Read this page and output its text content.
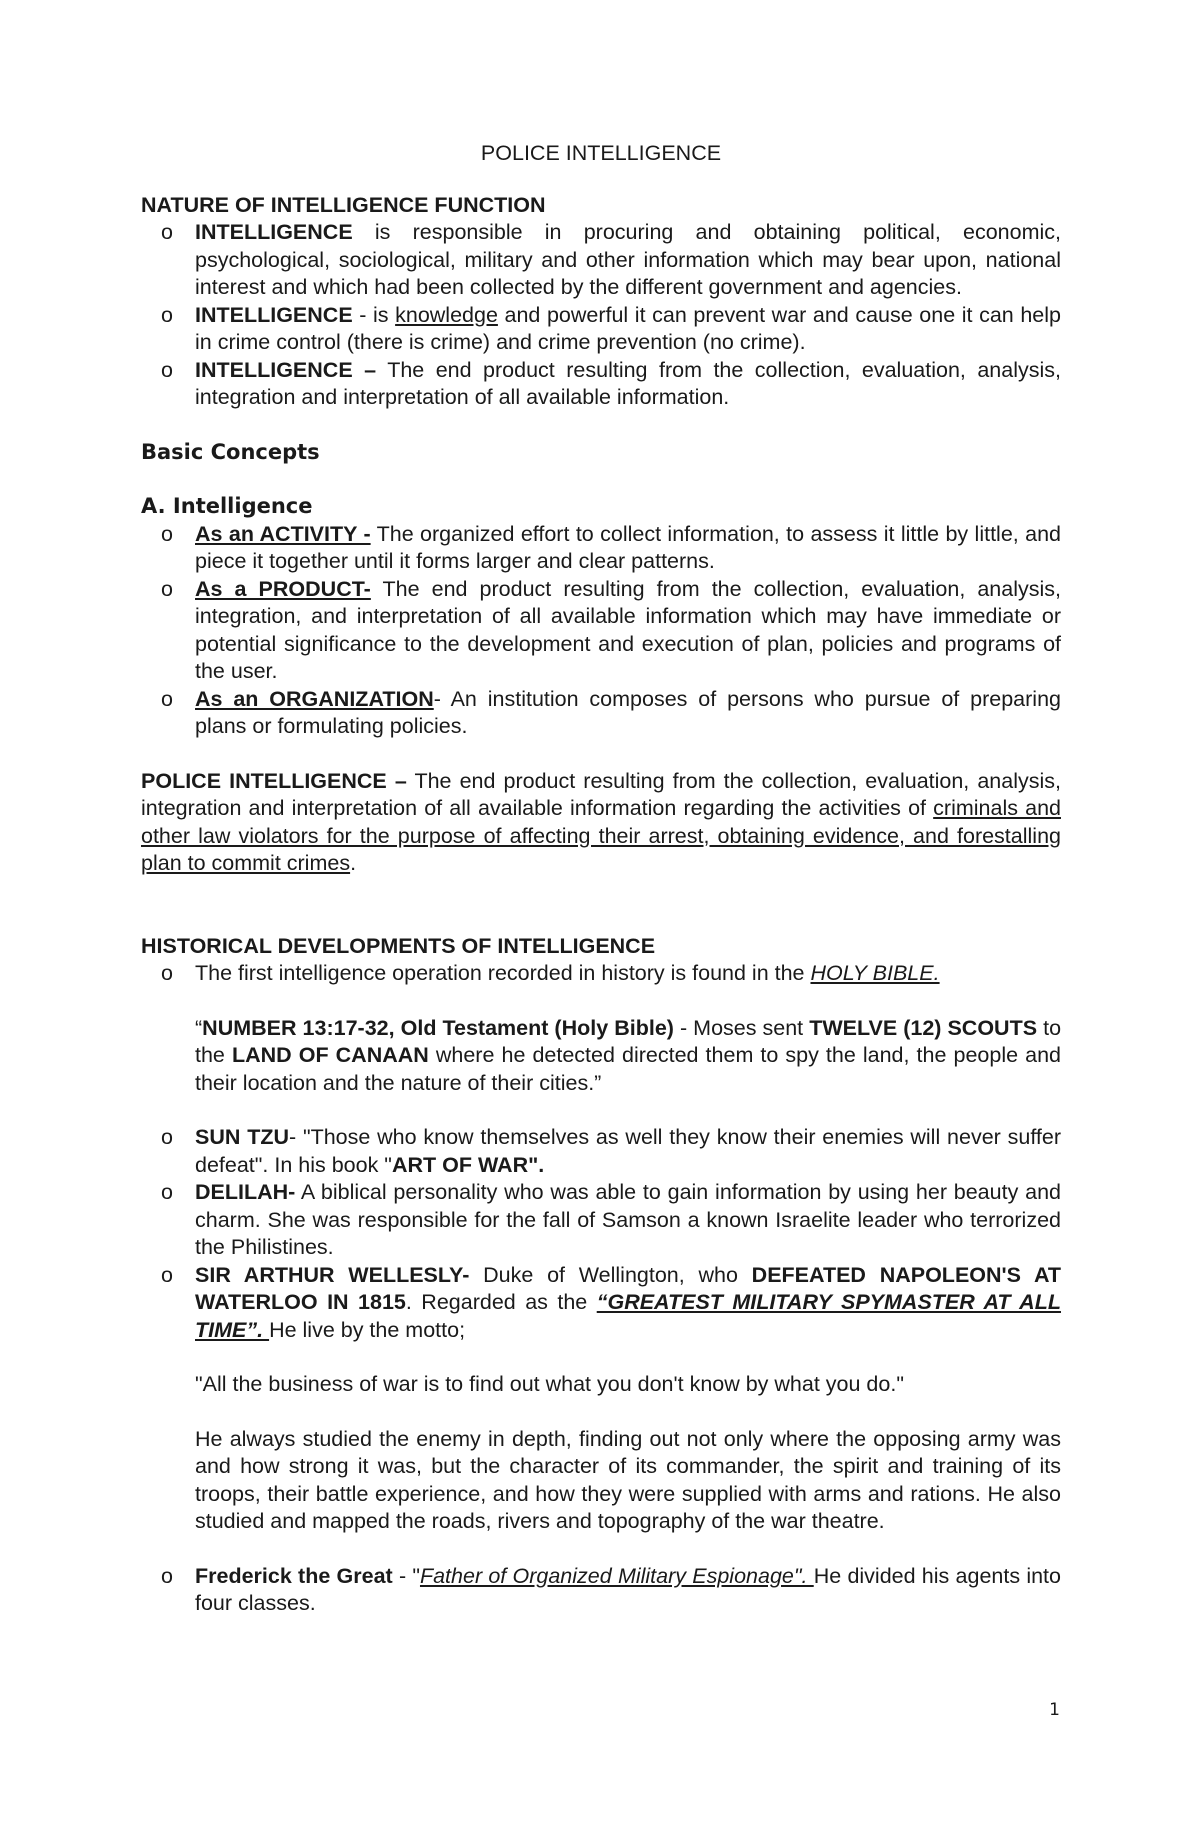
POLICE INTELLIGENCE

NATURE OF INTELLIGENCE FUNCTION

o INTELLIGENCE is responsible in procuring and obtaining political, economic, psychological, sociological, military and other information which may bear upon, national interest and which had been collected by the different government and agencies.
o INTELLIGENCE - is knowledge and powerful it can prevent war and cause one it can help in crime control (there is crime) and crime prevention (no crime).
o INTELLIGENCE – The end product resulting from the collection, evaluation, analysis, integration and interpretation of all available information.

Basic Concepts

A. Intelligence

o As an ACTIVITY - The organized effort to collect information, to assess it little by little, and piece it together until it forms larger and clear patterns.
o As a PRODUCT- The end product resulting from the collection, evaluation, analysis, integration, and interpretation of all available information which may have immediate or potential significance to the development and execution of plan, policies and programs of the user.
o As an ORGANIZATION- An institution composes of persons who pursue of preparing plans or formulating policies.

POLICE INTELLIGENCE – The end product resulting from the collection, evaluation, analysis, integration and interpretation of all available information regarding the activities of criminals and other law violators for the purpose of affecting their arrest, obtaining evidence, and forestalling plan to commit crimes.

HISTORICAL DEVELOPMENTS OF INTELLIGENCE

o The first intelligence operation recorded in history is found in the HOLY BIBLE.

“NUMBER 13:17-32, Old Testament (Holy Bible) - Moses sent TWELVE (12) SCOUTS to the LAND OF CANAAN where he detected directed them to spy the land, the people and their location and the nature of their cities.”

o SUN TZU- "Those who know themselves as well they know their enemies will never suffer defeat". In his book "ART OF WAR".
o DELILAH- A biblical personality who was able to gain information by using her beauty and charm. She was responsible for the fall of Samson a known Israelite leader who terrorized the Philistines.
o SIR ARTHUR WELLESLY- Duke of Wellington, who DEFEATED NAPOLEON'S AT WATERLOO IN 1815. Regarded as the “GREATEST MILITARY SPYMASTER AT ALL TIME”. He live by the motto;

"All the business of war is to find out what you don't know by what you do."

He always studied the enemy in depth, finding out not only where the opposing army was and how strong it was, but the character of its commander, the spirit and training of its troops, their battle experience, and how they were supplied with arms and rations. He also studied and mapped the roads, rivers and topography of the war theatre.

o Frederick the Great - "Father of Organized Military Espionage". He divided his agents into four classes.
1
